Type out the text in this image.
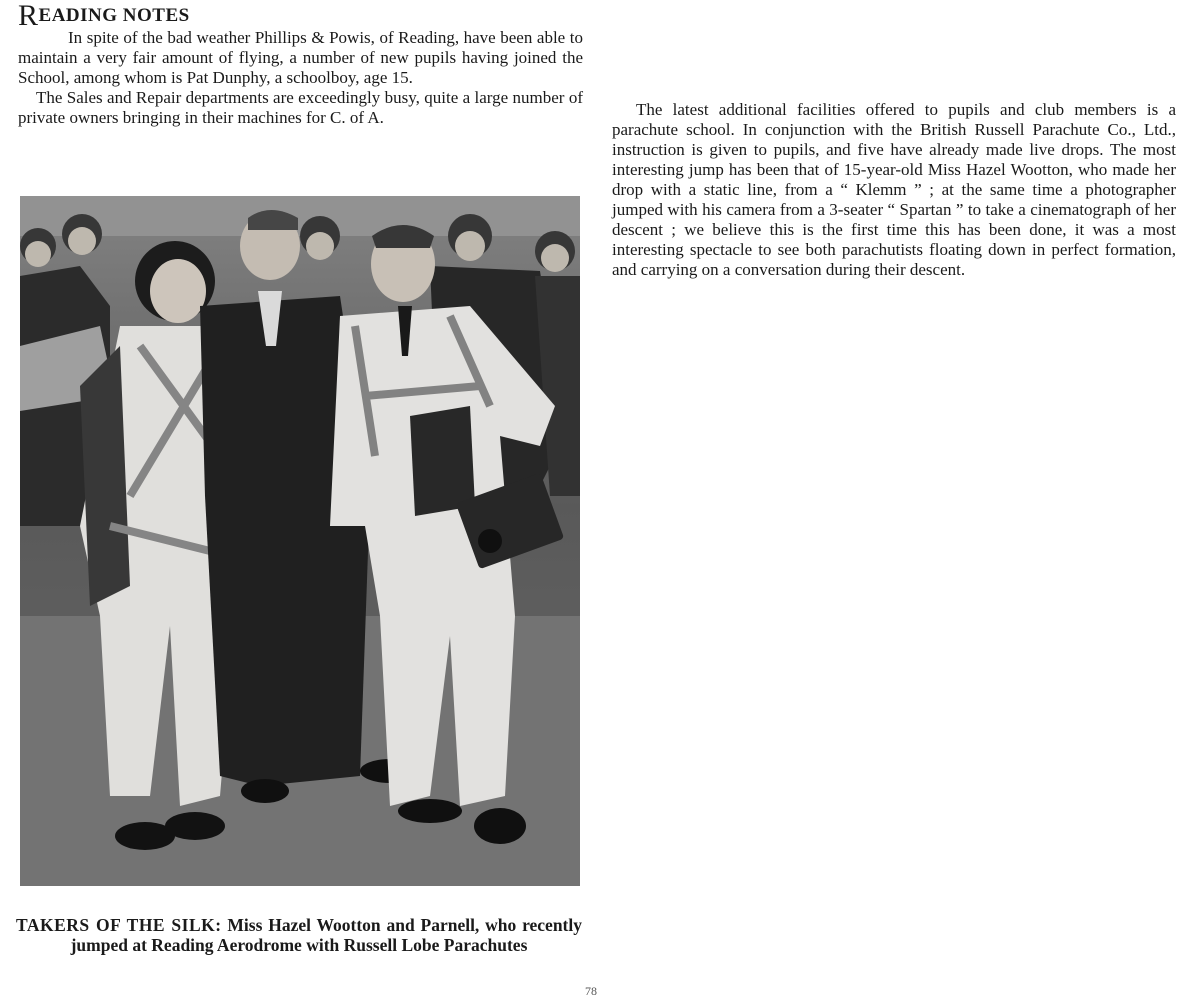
READING NOTES

In spite of the bad weather Phillips & Powis, of Reading, have been able to maintain a very fair amount of flying, a number of new pupils having joined the School, among whom is Pat Dunphy, a schoolboy, age 15.

The Sales and Repair departments are exceedingly busy, quite a large number of private owners bringing in their machines for C. of A.

TAKERS OF THE SILK: Miss Hazel Wootton and Parnell, who recently jumped at Reading Aerodrome with Russell Lobe Parachutes

The latest additional facilities offered to pupils and club members is a parachute school. In conjunction with the British Russell Parachute Co., Ltd., instruction is given to pupils, and five have already made live drops. The most interesting jump has been that of 15-year-old Miss Hazel Wootton, who made her drop with a static line, from a “ Klemm ” ; at the same time a photographer jumped with his camera from a 3-seater “ Spartan ” to take a cinematograph of her descent ; we believe this is the first time this has been done, it was a most interesting spectacle to see both parachutists floating down in perfect formation, and carrying on a conversation during their descent.

78
